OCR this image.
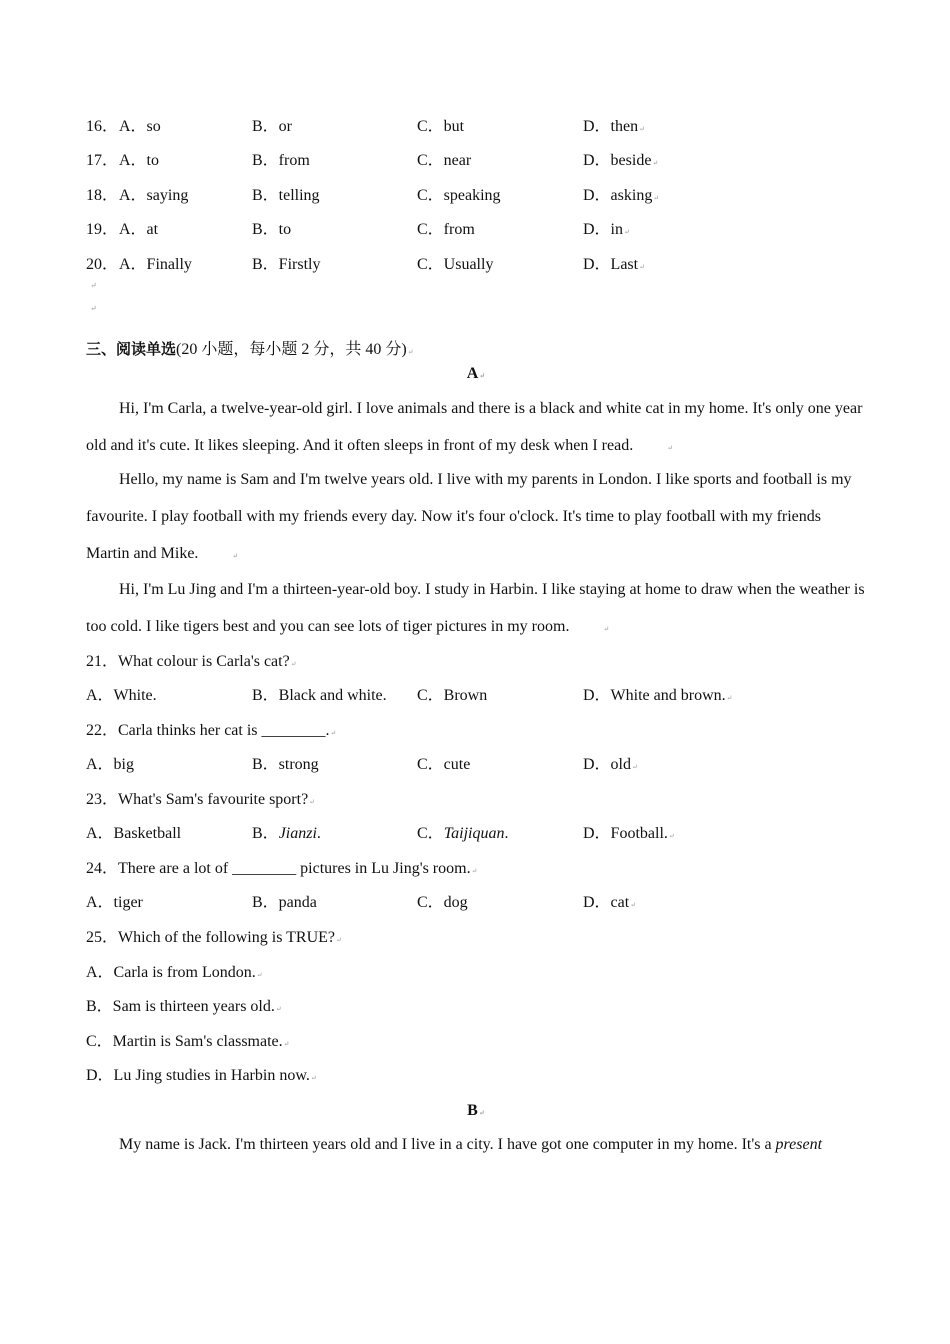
16． A．so	B．or	C．but	D．then↵
17． A．to	B．from	C．near	D．beside↵
18． A．saying	B．telling	C．speaking	D．asking↵
19． A．at	B．to	C．from	D．in↵
20． A．Finally	B．Firstly	C．Usually	D．Last↵
↵
↵
三、阅读单选(20 小题，每小题 2 分，共 40 分)↵
A↵
Hi, I'm Carla, a twelve-year-old girl. I love animals and there is a black and white cat in my home. It's only one year old and it's cute. It likes sleeping. And it often sleeps in front of my desk when I read.↵
Hello, my name is Sam and I'm twelve years old. I live with my parents in London. I like sports and football is my favourite. I play football with my friends every day. Now it's four o'clock. It's time to play football with my friends Martin and Mike.↵
Hi, I'm Lu Jing and I'm a thirteen-year-old boy. I study in Harbin. I like staying at home to draw when the weather is too cold. I like tigers best and you can see lots of tiger pictures in my room.↵
21．What colour is Carla's cat?↵
A．White.	B．Black and white. C．Brown	D．White and brown.↵
22．Carla thinks her cat is ________.↵
A．big	B．strong	C．cute	D．old↵
23．What's Sam's favourite sport?↵
A．Basketball	B．Jianzi.	C．Taijiquan.	D．Football.↵
24．There are a lot of ________ pictures in Lu Jing's room.↵
A．tiger	B．panda	C．dog	D．cat↵
25．Which of the following is TRUE?↵
A．Carla is from London.↵
B．Sam is thirteen years old.↵
C．Martin is Sam's classmate.↵
D．Lu Jing studies in Harbin now.↵
B↵
My name is Jack. I'm thirteen years old and I live in a city. I have got one computer in my home. It's a present
